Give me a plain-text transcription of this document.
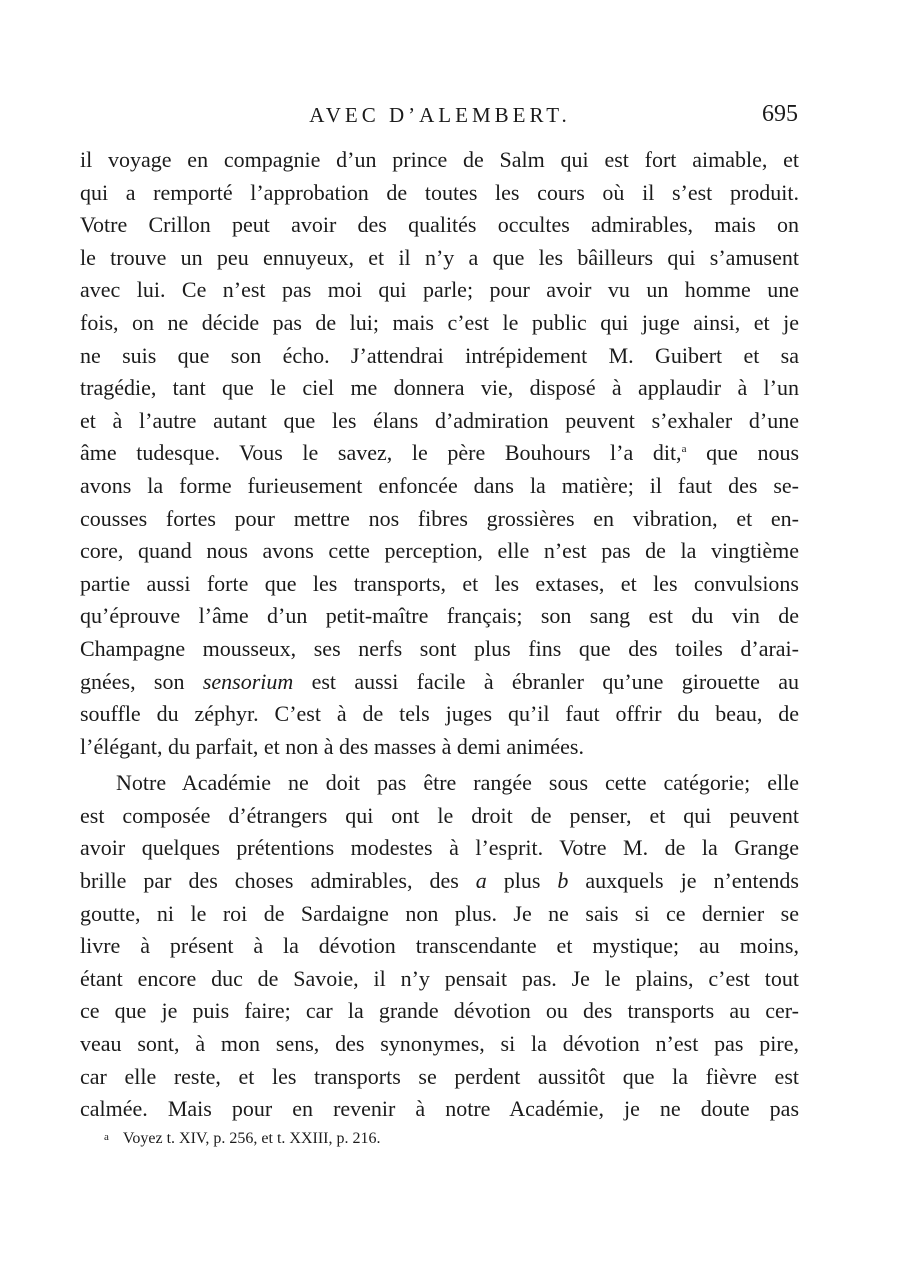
AVEC D’ALEMBERT.	695
il voyage en compagnie d’un prince de Salm qui est fort aimable, et
qui a remporté l’approbation de toutes les cours où il s’est produit.
Votre Crillon peut avoir des qualités occultes admirables, mais on
le trouve un peu ennuyeux, et il n’y a que les bâilleurs qui s’amusent
avec lui. Ce n’est pas moi qui parle; pour avoir vu un homme une
fois, on ne décide pas de lui; mais c’est le public qui juge ainsi, et je
ne suis que son écho. J’attendrai intrépidement M. Guibert et sa
tragédie, tant que le ciel me donnera vie, disposé à applaudir à l’un
et à l’autre autant que les élans d’admiration peuvent s’exhaler d’une
âme tudesque. Vous le savez, le père Bouhours l’a dit,$^a$ que nous
avons la forme furieusement enfoncée dans la matière; il faut des se-
cousses fortes pour mettre nos fibres grossières en vibration, et en-
core, quand nous avons cette perception, elle n’est pas de la vingtième
partie aussi forte que les transports, et les extases, et les convulsions
qu’éprouve l’âme d’un petit-maître français; son sang est du vin de
Champagne mousseux, ses nerfs sont plus fins que des toiles d’arai-
gnées, son sensorium est aussi facile à ébranler qu’une girouette au
souffle du zéphyr. C’est à de tels juges qu’il faut offrir du beau, de
l’élégant, du parfait, et non à des masses à demi animées.
Notre Académie ne doit pas être rangée sous cette catégorie; elle
est composée d’étrangers qui ont le droit de penser, et qui peuvent
avoir quelques prétentions modestes à l’esprit. Votre M. de la Grange
brille par des choses admirables, des a plus b auxquels je n’entends
goutte, ni le roi de Sardaigne non plus. Je ne sais si ce dernier se
livre à présent à la dévotion transcendante et mystique; au moins,
étant encore duc de Savoie, il n’y pensait pas. Je le plains, c’est tout
ce que je puis faire; car la grande dévotion ou des transports au cer-
veau sont, à mon sens, des synonymes, si la dévotion n’est pas pire,
car elle reste, et les transports se perdent aussitôt que la fièvre est
calmée. Mais pour en revenir à notre Académie, je ne doute pas
a Voyez t. XIV, p. 256, et t. XXIII, p. 216.
